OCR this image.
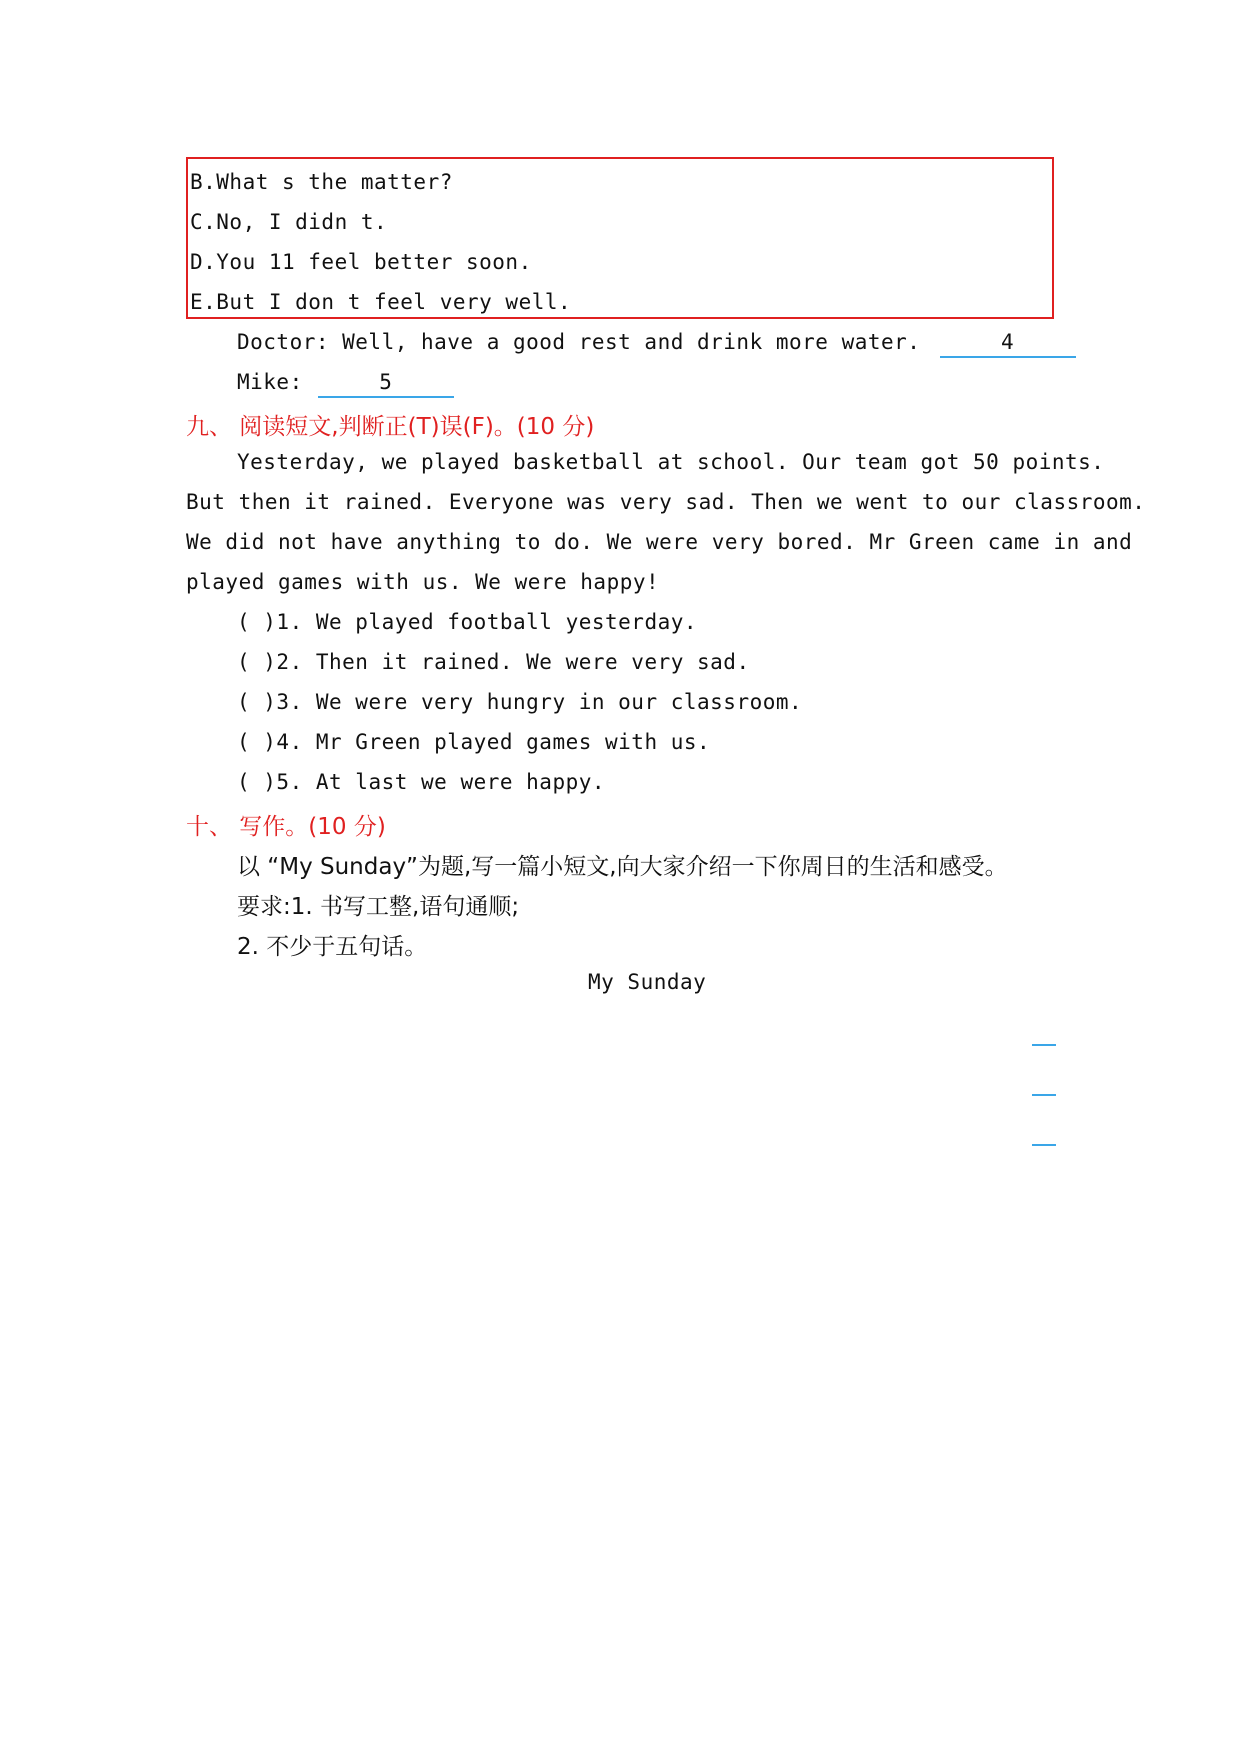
B.What s the matter?
C.No, I didn t.
D.You 11 feel better soon.
E.But I don t feel very well.
Doctor: Well, have a good rest and drink more water.	4
Mike:	5
九、 阅读短文,判断正(T)误(F)。(10 分)
Yesterday, we played basketball at school. Our team got 50 points.
But then it rained. Everyone was very sad. Then we went to our classroom.
We did not have anything to do. We were very bored. Mr Green came in and
played games with us. We were happy!
( )1. We played football yesterday.
( )2. Then it rained. We were very sad.
( )3. We were very hungry in our classroom.
( )4. Mr Green played games with us.
( )5. At last we were happy.
十、 写作。(10 分)
以 “My Sunday”为题,写一篇小短文,向大家介绍一下你周日的生活和感受。
要求:1. 书写工整,语句通顺;
2. 不少于五句话。
My Sunday
